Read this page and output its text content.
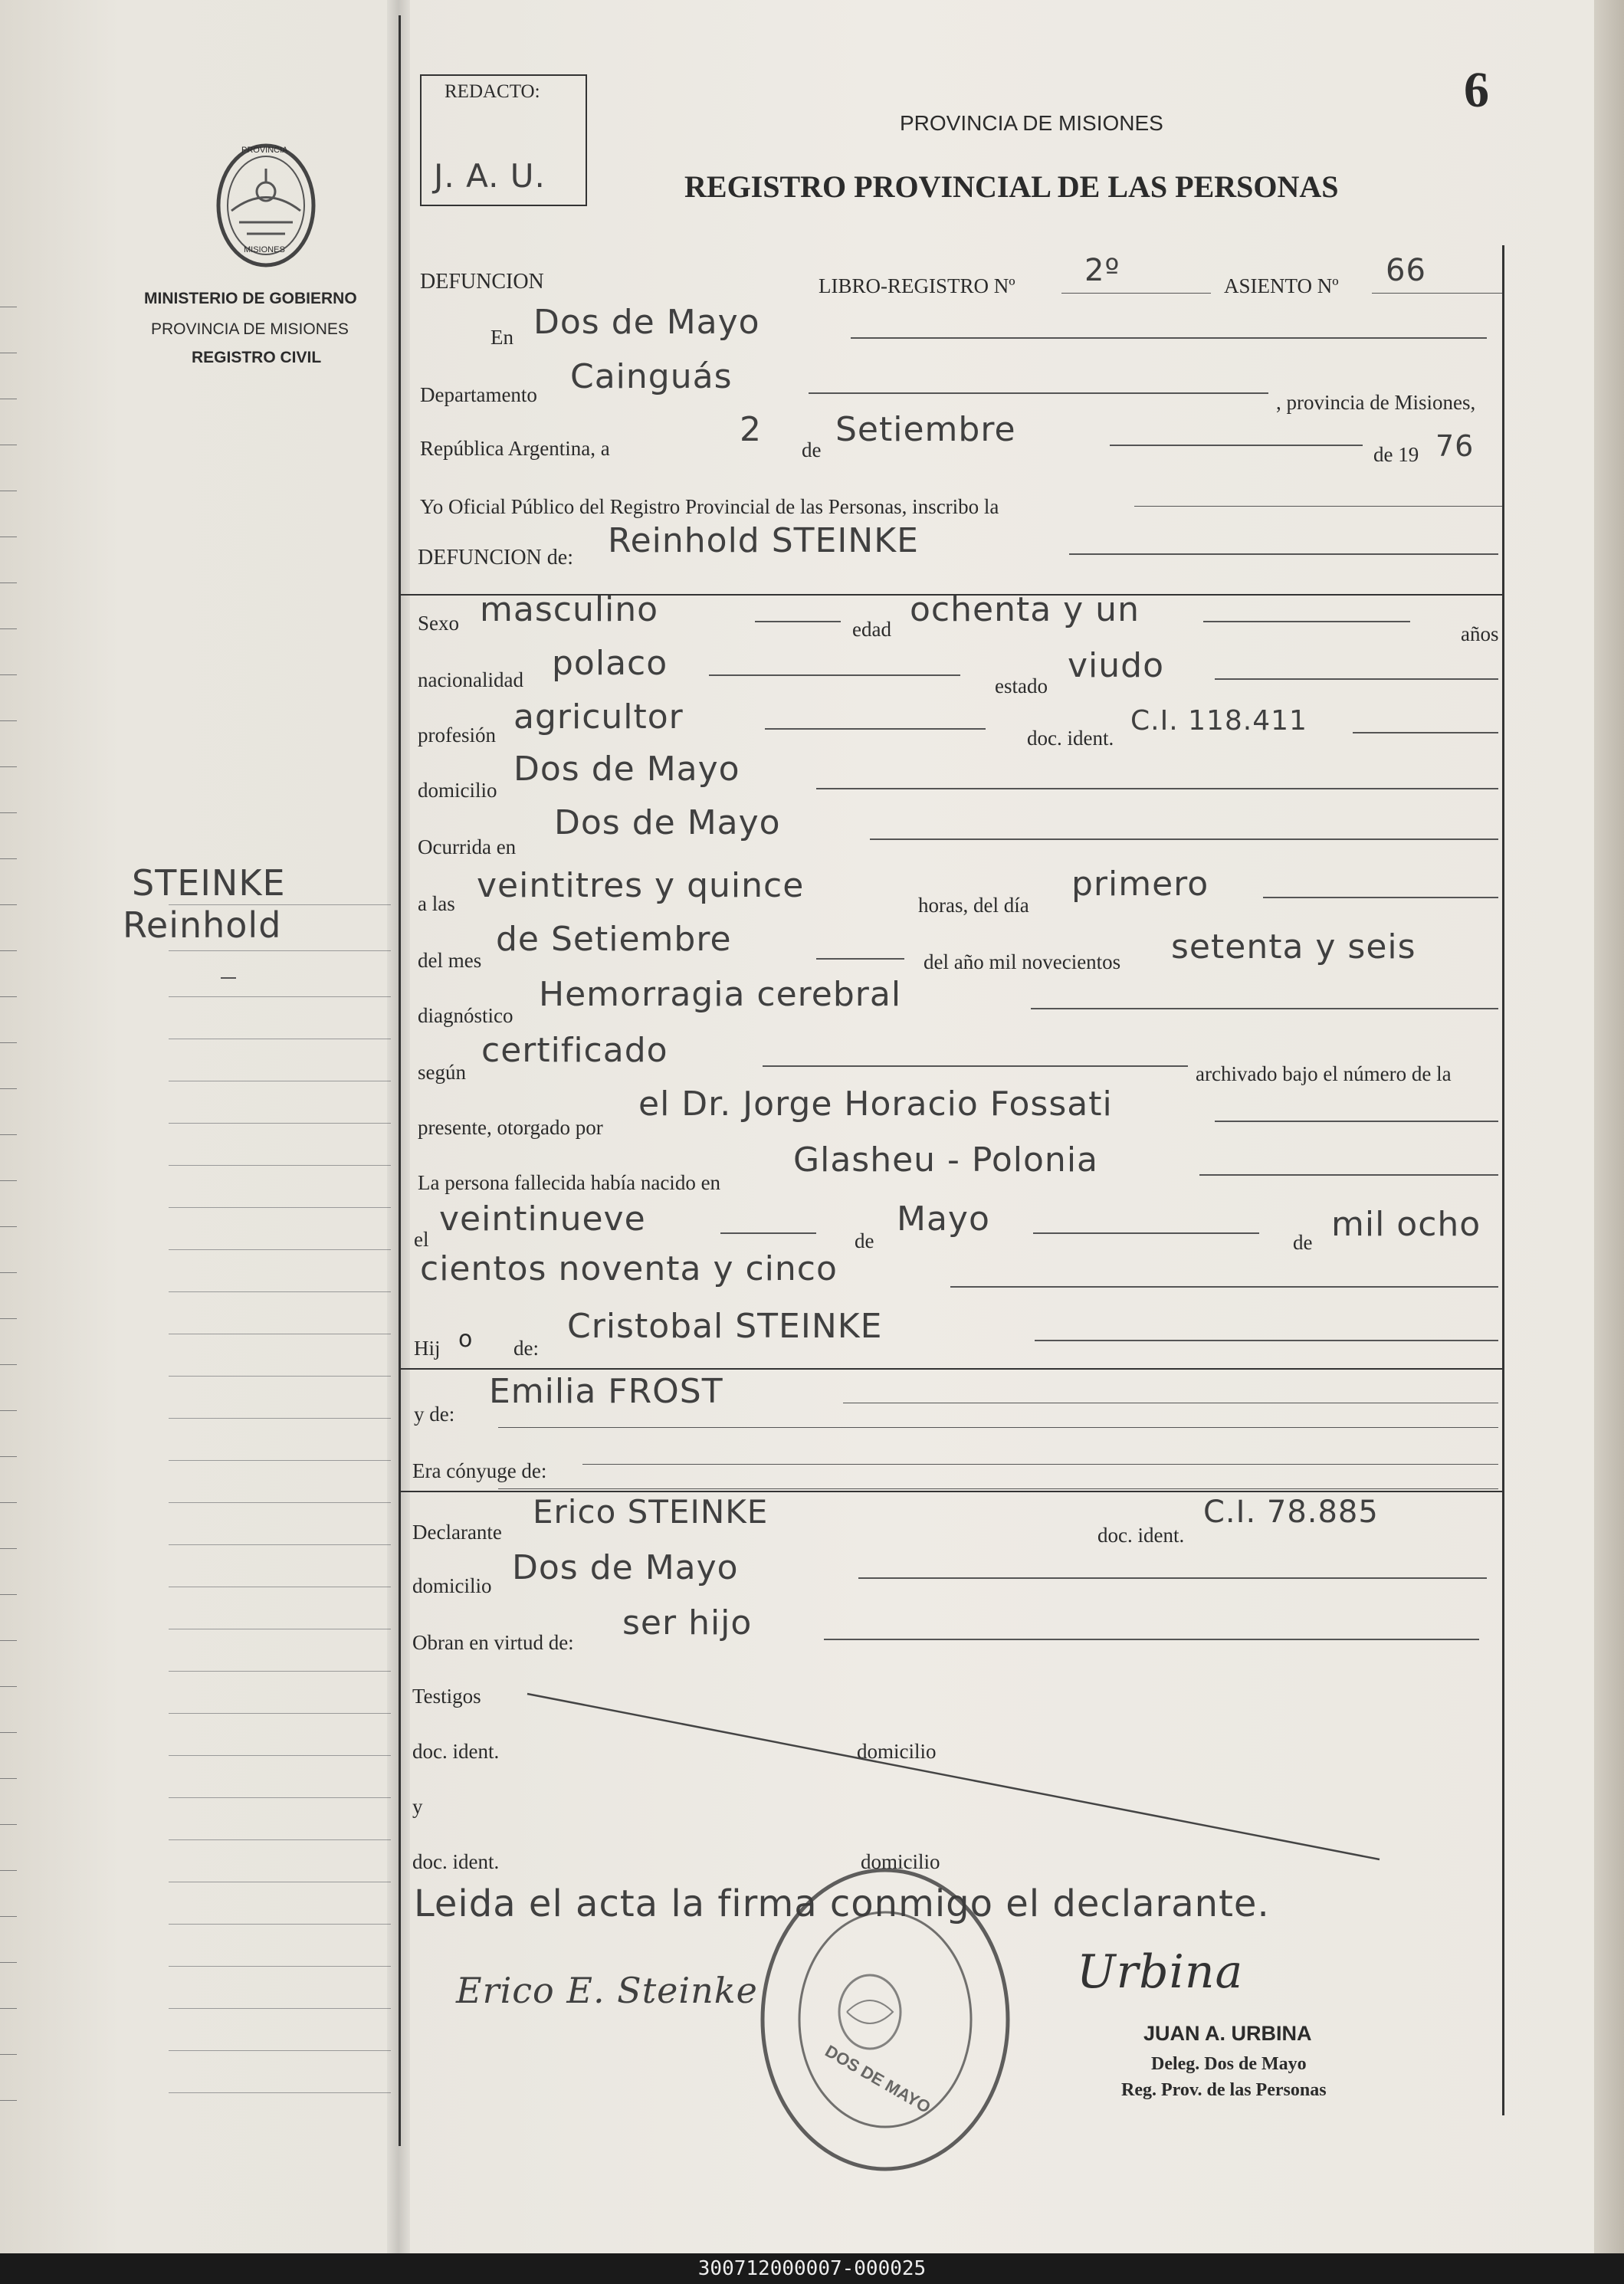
PROVINCIA
MISIONES
MINISTERIO DE GOBIERNO
PROVINCIA DE MISIONES
REGISTRO CIVIL
STEINKE
Reinhold
REDACTO:
J. A. U.
6
PROVINCIA DE MISIONES
REGISTRO PROVINCIAL DE LAS PERSONAS
DEFUNCION	LIBRO-REGISTRO Nº 2º	ASIENTO Nº 66
En Dos de Mayo
Departamento Cainguás
, provincia de Misiones,
República Argentina, a	2
de
Setiembre
de 19 76
Yo Oficial Público del Registro Provincial de las Personas, inscribo la
DEFUNCION de: Reinhold STEINKE
Sexo masculino	edad ochenta y un
años
nacionalidad polaco
estado
viudo
profesión agricultor
doc. ident.
C.I. 118.411
domicilio
Dos de Mayo
Ocurrida en
Dos de Mayo
a las veintitres y quince	horas, del día
primero
del mes
de Setiembre
del año mil novecientos setenta y seis
diagnóstico
Hemorragia cerebral
según
certificado
archivado bajo el número de la
presente, otorgado por
el Dr. Jorge Horacio Fossati
La persona fallecida había nacido en
Glasheu - Polonia
el
veintinueve
de
Mayo
de mil ocho
cientos noventa y cinco
Hij o de:
Cristobal STEINKE
y de:
Emilia FROST
Era cónyuge de:
Declarante
Erico STEINKE
doc. ident.
C.I. 78.885
domicilio Dos de Mayo
Obran en virtud de: ser hijo
Testigos
doc. ident.	domicilio
y
doc. ident.	domicilio
Leida el acta la firma conmigo el declarante.
Erico E. Steinke
DOS DE MAYO
Urbina
JUAN A. URBINA
Deleg. Dos de Mayo
Reg. Prov. de las Personas
300712000007-000025
